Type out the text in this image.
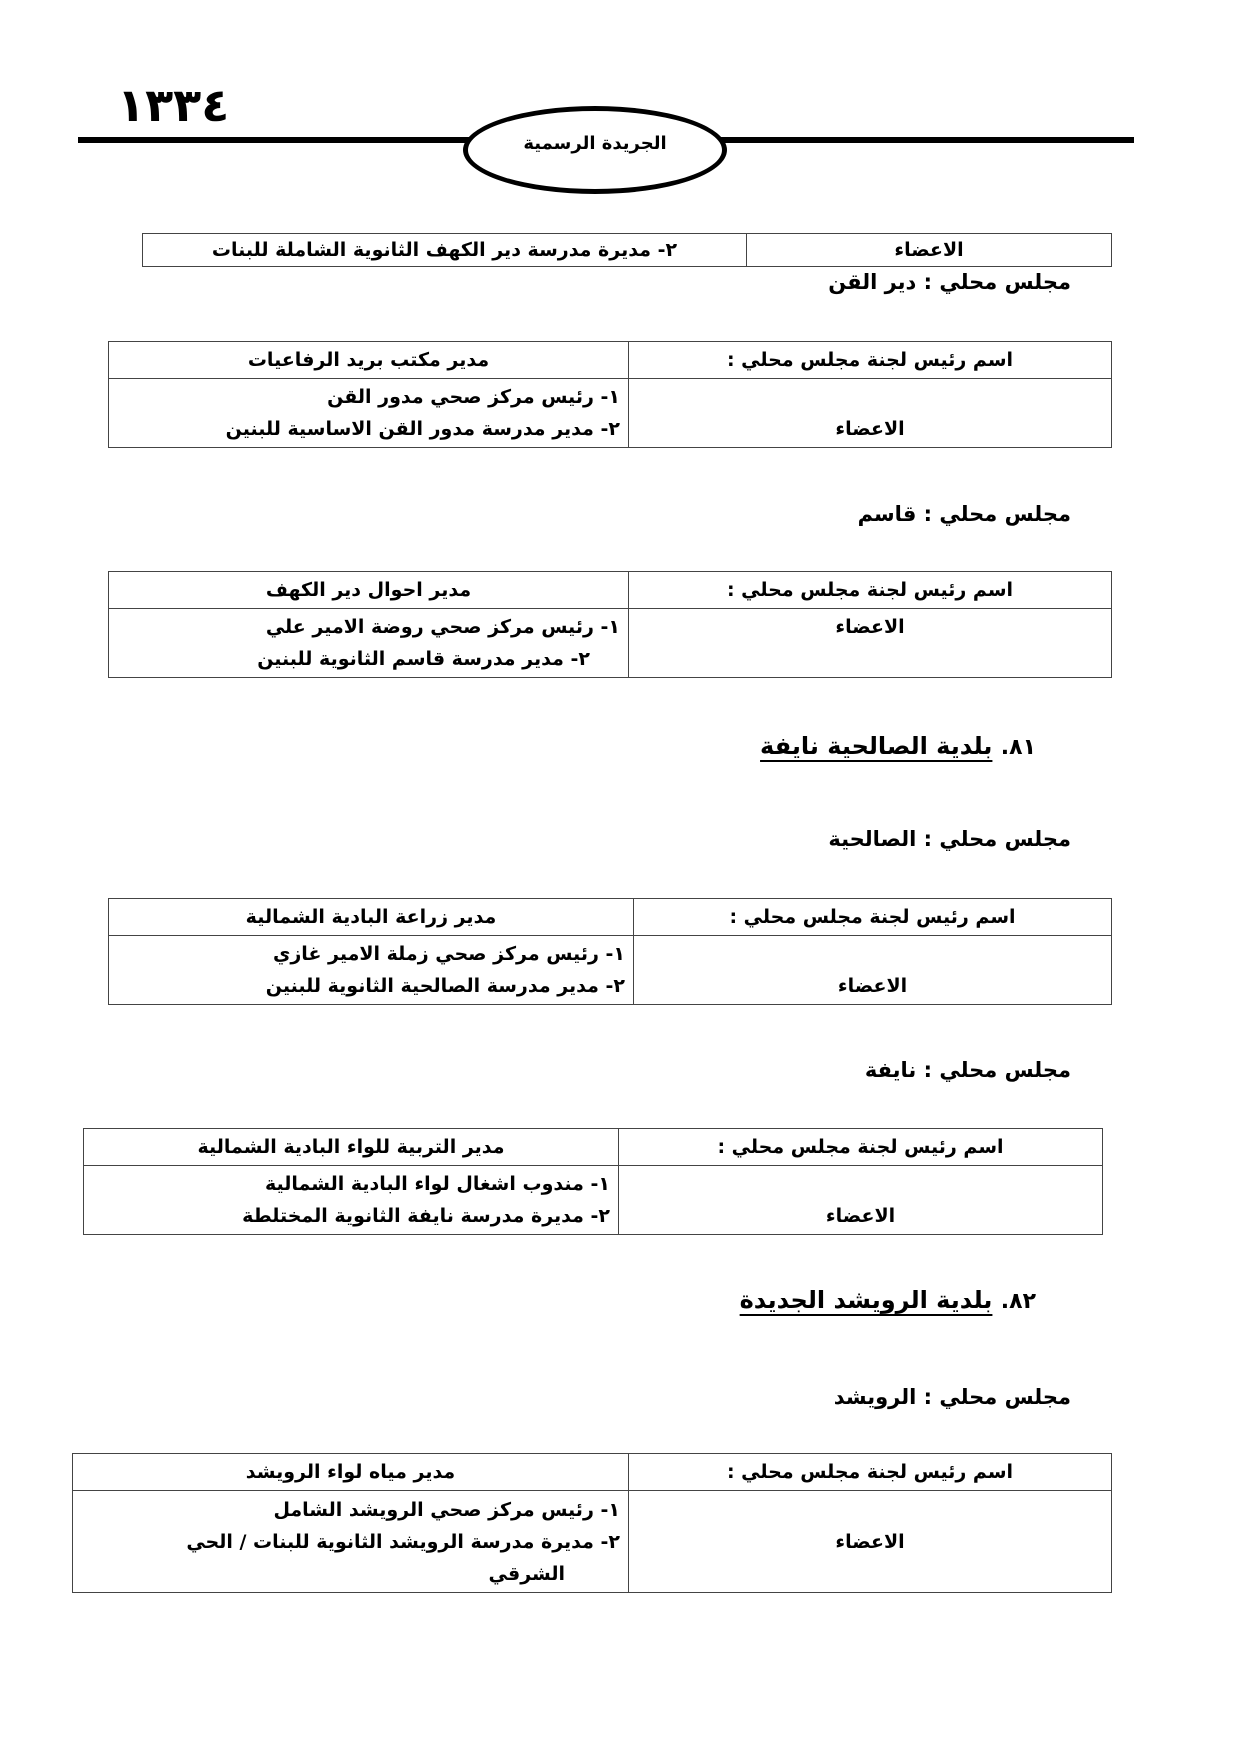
١٣٣٤
الجريدة الرسمية
الاعضاء	٢- مديرة مدرسة دير الكهف الثانوية الشاملة للبنات
مجلس محلي : دير القن
اسم رئيس لجنة مجلس محلي :	مدير مكتب بريد الرفاعيات
الاعضاء	١- رئيس مركز صحي مدور القن
٢- مدير مدرسة مدور القن الاساسية للبنين
مجلس محلي : قاسم
اسم رئيس لجنة مجلس محلي :	مدير احوال دير الكهف
الاعضاء	١- رئيس مركز صحي روضة الامير علي
٢- مدير مدرسة قاسم الثانوية للبنين
٨١. بلدية الصالحية نايفة
مجلس محلي : الصالحية
اسم رئيس لجنة مجلس محلي :	مدير زراعة البادية الشمالية
الاعضاء	١- رئيس مركز صحي زملة الامير غازي
٢- مدير مدرسة الصالحية الثانوية للبنين
مجلس محلي : نايفة
اسم رئيس لجنة مجلس محلي :	مدير التربية للواء البادية الشمالية
الاعضاء	١- مندوب اشغال لواء البادية الشمالية
٢- مديرة مدرسة نايفة الثانوية المختلطة
٨٢. بلدية الرويشد الجديدة
مجلس محلي : الرويشد
اسم رئيس لجنة مجلس محلي :	مدير مياه لواء الرويشد
الاعضاء	١- رئيس مركز صحي الرويشد الشامل
٢- مديرة مدرسة الرويشد الثانوية للبنات / الحي
الشرقي
